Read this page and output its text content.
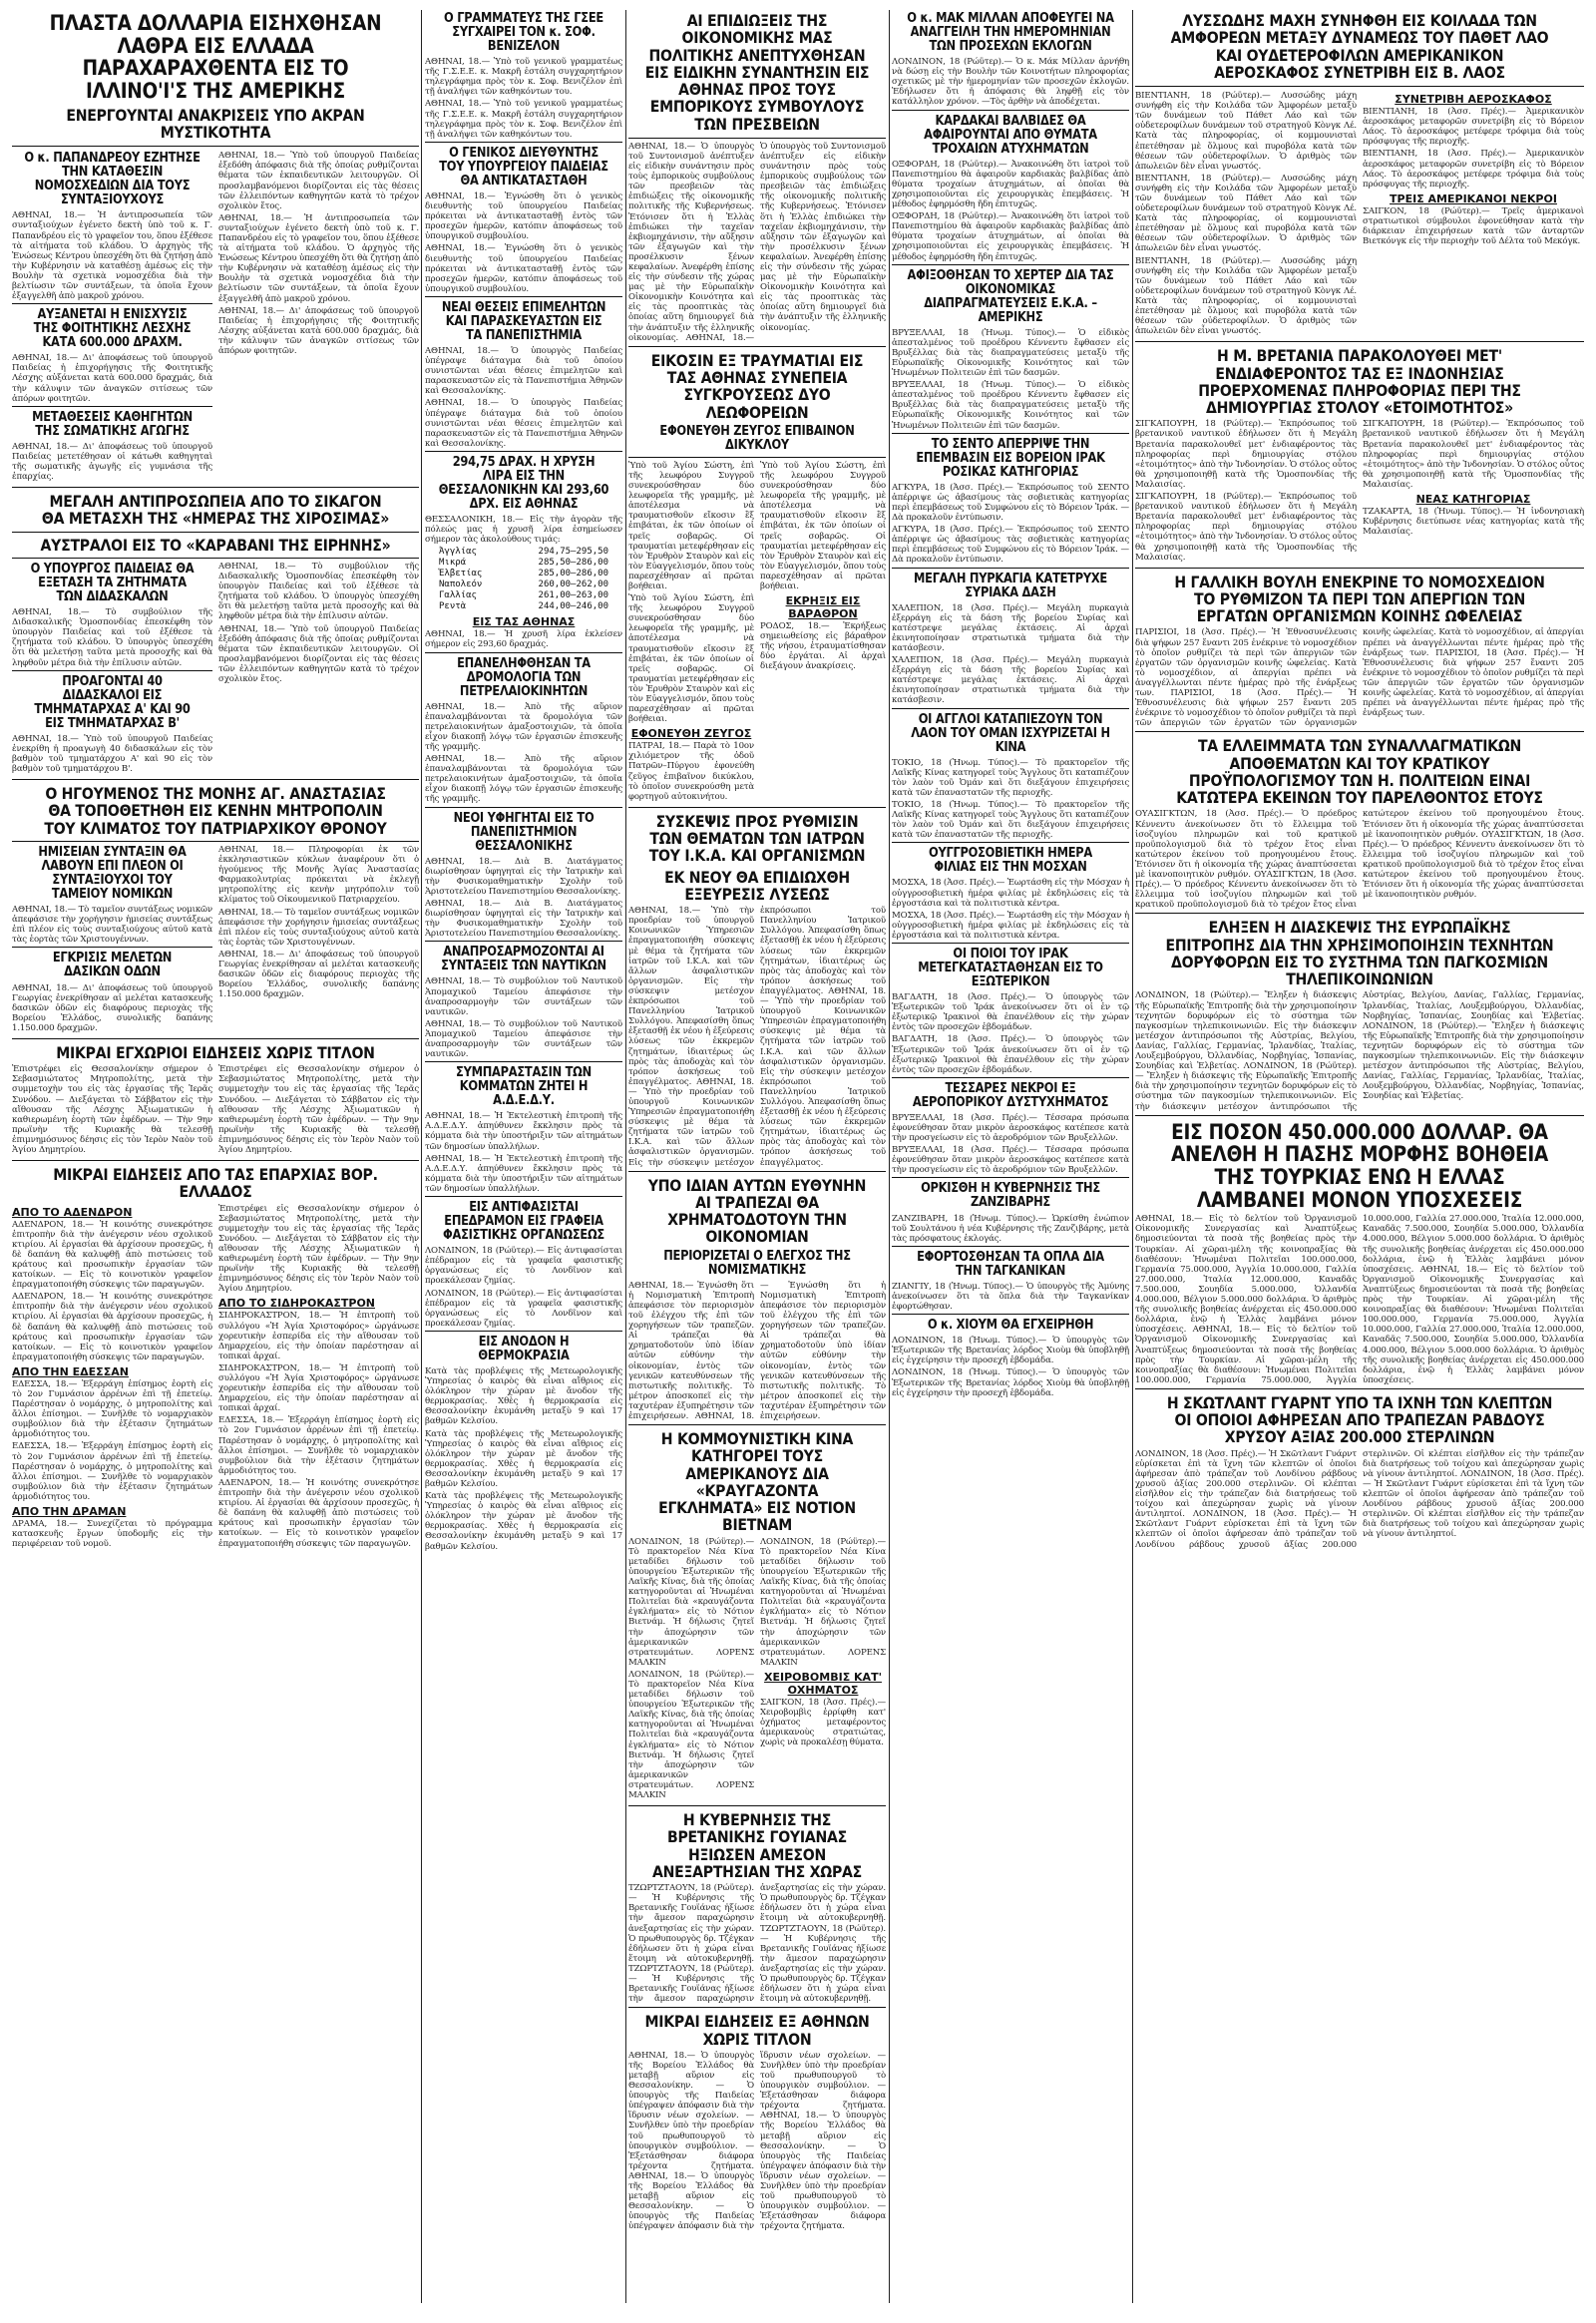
ΠΛΑΣΤΑ ΔΟΛΛΑΡΙΑ ΕΙΣΗΧΘΗΣΑΝ ΛΑΘΡΑ ΕΙΣ ΕΛΛΑΔΑ ΠΑΡΑΧΑΡΑΧΘΕΝΤΑ ΕΙΣ ΤΟ ΙΛΛΙΝΟ'Ι'Σ ΤΗΣ ΑΜΕΡΙΚΗΣ
ΕΝΕΡΓΟΥΝΤΑΙ ΑΝΑΚΡΙΣΕΙΣ ΥΠΟ ΑΚΡΑΝ ΜΥΣΤΙΚΟΤΗΤΑ
Ο κ. ΠΑΠΑΝΔΡΕΟΥ ΕΖΗΤΗΣΕ ΤΗΝ ΚΑΤΑΘΕΣΙΝ ΝΟΜΟΣΧΕΔΙΩΝ ΔΙΑ ΤΟΥΣ ΣΥΝΤΑΞΙΟΥΧΟΥΣ

ΑΘΗΝΑΙ, 18.— Ἡ ἀντιπροσωπεία τῶν συνταξιούχων ἐγένετο δεκτὴ ὑπὸ τοῦ κ. Γ. Παπανδρέου εἰς τὸ γραφεῖον του, ὅπου ἐξέθεσε τὰ αἰτήματα τοῦ κλάδου. Ὁ ἀρχηγὸς τῆς Ἑνώσεως Κέντρου ὑπεσχέθη ὅτι θὰ ζητήσῃ ἀπὸ τὴν Κυβέρνησιν νὰ καταθέσῃ ἀμέσως εἰς τὴν Βουλὴν τὰ σχετικὰ νομοσχέδια διὰ τὴν βελτίωσιν τῶν συντάξεων, τὰ ὁποῖα ἔχουν ἐξαγγελθῆ ἀπὸ μακροῦ χρόνου.

ΑΥΞΑΝΕΤΑΙ Η ΕΝΙΣΧΥΣΙΣ ΤΗΣ ΦΟΙΤΗΤΙΚΗΣ ΛΕΣΧΗΣ ΚΑΤΑ 600.000 ΔΡΑΧΜ.

ΑΘΗΝΑΙ, 18.— Δι' ἀποφάσεως τοῦ ὑπουργοῦ Παιδείας ἡ ἐπιχορήγησις τῆς Φοιτητικῆς Λέσχης αὐξάνεται κατὰ 600.000 δραχμάς, διὰ τὴν κάλυψιν τῶν ἀναγκῶν σιτίσεως τῶν ἀπόρων φοιτητῶν.

ΜΕΤΑΘΕΣΕΙΣ ΚΑΘΗΓΗΤΩΝ ΤΗΣ ΣΩΜΑΤΙΚΗΣ ΑΓΩΓΗΣ

ΑΘΗΝΑΙ, 18.— Δι' ἀποφάσεως τοῦ ὑπουργοῦ Παιδείας μετετέθησαν οἱ κάτωθι καθηγηταὶ τῆς σωματικῆς ἀγωγῆς εἰς γυμνάσια τῆς ἐπαρχίας.

ΑΘΗΝΑΙ, 18.— Ὑπὸ τοῦ ὑπουργοῦ Παιδείας ἐξεδόθη ἀπόφασις διὰ τῆς ὁποίας ρυθμίζονται θέματα τῶν ἐκπαιδευτικῶν λειτουργῶν. Οἱ προσλαμβανόμενοι διορίζονται εἰς τὰς θέσεις τῶν ἐλλειπόντων καθηγητῶν κατὰ τὸ τρέχον σχολικὸν ἔτος.

ΑΘΗΝΑΙ, 18.— Ἡ ἀντιπροσωπεία τῶν συνταξιούχων ἐγένετο δεκτὴ ὑπὸ τοῦ κ. Γ. Παπανδρέου εἰς τὸ γραφεῖον του, ὅπου ἐξέθεσε τὰ αἰτήματα τοῦ κλάδου. Ὁ ἀρχηγὸς τῆς Ἑνώσεως Κέντρου ὑπεσχέθη ὅτι θὰ ζητήσῃ ἀπὸ τὴν Κυβέρνησιν νὰ καταθέσῃ ἀμέσως εἰς τὴν Βουλὴν τὰ σχετικὰ νομοσχέδια διὰ τὴν βελτίωσιν τῶν συντάξεων, τὰ ὁποῖα ἔχουν ἐξαγγελθῆ ἀπὸ μακροῦ χρόνου.

ΑΘΗΝΑΙ, 18.— Δι' ἀποφάσεως τοῦ ὑπουργοῦ Παιδείας ἡ ἐπιχορήγησις τῆς Φοιτητικῆς Λέσχης αὐξάνεται κατὰ 600.000 δραχμάς, διὰ τὴν κάλυψιν τῶν ἀναγκῶν σιτίσεως τῶν ἀπόρων φοιτητῶν.

ΜΕΓΑΛΗ ΑΝΤΙΠΡΟΣΩΠΕΙΑ ΑΠΟ ΤΟ ΣΙΚΑΓΟΝ ΘΑ ΜΕΤΑΣΧΗ ΤΗΣ «ΗΜΕΡΑΣ ΤΗΣ ΧΙΡΟΣΙΜΑΣ»
ΑΥΣΤΡΑΛΟΙ ΕΙΣ ΤΟ «ΚΑΡΑΒΑΝΙ ΤΗΣ ΕΙΡΗΝΗΣ»
Ο ΥΠΟΥΡΓΟΣ ΠΑΙΔΕΙΑΣ ΘΑ ΕΞΕΤΑΣΗ ΤΑ ΖΗΤΗΜΑΤΑ ΤΩΝ ΔΙΔΑΣΚΑΛΩΝ

ΑΘΗΝΑΙ, 18.— Τὸ συμβούλιον τῆς Διδασκαλικῆς Ὁμοσπονδίας ἐπεσκέφθη τὸν ὑπουργὸν Παιδείας καὶ τοῦ ἐξέθεσε τὰ ζητήματα τοῦ κλάδου. Ὁ ὑπουργὸς ὑπεσχέθη ὅτι θὰ μελετήσῃ ταῦτα μετὰ προσοχῆς καὶ θὰ ληφθοῦν μέτρα διὰ τὴν ἐπίλυσιν αὐτῶν.

ΠΡΟΑΓΟΝΤΑΙ 40 ΔΙΔΑΣΚΑΛΟΙ ΕΙΣ ΤΜΗΜΑΤΑΡΧΑΣ Α' ΚΑΙ 90 ΕΙΣ ΤΜΗΜΑΤΑΡΧΑΣ Β'

ΑΘΗΝΑΙ, 18.— Ὑπὸ τοῦ ὑπουργοῦ Παιδείας ἐνεκρίθη ἡ προαγωγὴ 40 διδασκάλων εἰς τὸν βαθμὸν τοῦ τμηματάρχου Α' καὶ 90 εἰς τὸν βαθμὸν τοῦ τμηματάρχου Β'.

ΑΘΗΝΑΙ, 18.— Τὸ συμβούλιον τῆς Διδασκαλικῆς Ὁμοσπονδίας ἐπεσκέφθη τὸν ὑπουργὸν Παιδείας καὶ τοῦ ἐξέθεσε τὰ ζητήματα τοῦ κλάδου. Ὁ ὑπουργὸς ὑπεσχέθη ὅτι θὰ μελετήσῃ ταῦτα μετὰ προσοχῆς καὶ θὰ ληφθοῦν μέτρα διὰ τὴν ἐπίλυσιν αὐτῶν.

ΑΘΗΝΑΙ, 18.— Ὑπὸ τοῦ ὑπουργοῦ Παιδείας ἐξεδόθη ἀπόφασις διὰ τῆς ὁποίας ρυθμίζονται θέματα τῶν ἐκπαιδευτικῶν λειτουργῶν. Οἱ προσλαμβανόμενοι διορίζονται εἰς τὰς θέσεις τῶν ἐλλειπόντων καθηγητῶν κατὰ τὸ τρέχον σχολικὸν ἔτος.

Ο ΗΓΟΥΜΕΝΟΣ ΤΗΣ ΜΟΝΗΣ ΑΓ. ΑΝΑΣΤΑΣΙΑΣ ΘΑ ΤΟΠΟΘΕΤΗΘΗ ΕΙΣ ΚΕΝΗΝ ΜΗΤΡΟΠΟΛΙΝ ΤΟΥ ΚΛΙΜΑΤΟΣ ΤΟΥ ΠΑΤΡΙΑΡΧΙΚΟΥ ΘΡΟΝΟΥ
ΗΜΙΣΕΙΑΝ ΣΥΝΤΑΞΙΝ ΘΑ ΛΑΒΟΥΝ ΕΠΙ ΠΛΕΟΝ ΟΙ ΣΥΝΤΑΞΙΟΥΧΟΙ ΤΟΥ ΤΑΜΕΙΟΥ ΝΟΜΙΚΩΝ

ΑΘΗΝΑΙ, 18.— Τὸ ταμεῖον συντάξεως νομικῶν ἀπεφάσισε τὴν χορήγησιν ἡμισείας συντάξεως ἐπὶ πλέον εἰς τοὺς συνταξιούχους αὐτοῦ κατὰ τὰς ἑορτὰς τῶν Χριστουγέννων.

ΕΓΚΡΙΣΙΣ ΜΕΛΕΤΩΝ ΔΑΣΙΚΩΝ ΟΔΩΝ

ΑΘΗΝΑΙ, 18.— Δι' ἀποφάσεως τοῦ ὑπουργοῦ Γεωργίας ἐνεκρίθησαν αἱ μελέται κατασκευῆς δασικῶν ὁδῶν εἰς διαφόρους περιοχὰς τῆς Βορείου Ἑλλάδος, συνολικῆς δαπάνης 1.150.000 δραχμῶν.

ΑΘΗΝΑΙ, 18.— Πληροφορίαι ἐκ τῶν ἐκκλησιαστικῶν κύκλων ἀναφέρουν ὅτι ὁ ἡγούμενος τῆς Μονῆς Ἁγίας Ἀναστασίας Φαρμακολυτρίας πρόκειται νὰ ἐκλεγῇ μητροπολίτης εἰς κενὴν μητρόπολιν τοῦ κλίματος τοῦ Οἰκουμενικοῦ Πατριαρχείου.

ΑΘΗΝΑΙ, 18.— Τὸ ταμεῖον συντάξεως νομικῶν ἀπεφάσισε τὴν χορήγησιν ἡμισείας συντάξεως ἐπὶ πλέον εἰς τοὺς συνταξιούχους αὐτοῦ κατὰ τὰς ἑορτὰς τῶν Χριστουγέννων.

ΑΘΗΝΑΙ, 18.— Δι' ἀποφάσεως τοῦ ὑπουργοῦ Γεωργίας ἐνεκρίθησαν αἱ μελέται κατασκευῆς δασικῶν ὁδῶν εἰς διαφόρους περιοχὰς τῆς Βορείου Ἑλλάδος, συνολικῆς δαπάνης 1.150.000 δραχμῶν.

ΜΙΚΡΑΙ ΕΓΧΩΡΙΟΙ ΕΙΔΗΣΕΙΣ ΧΩΡΙΣ ΤΙΤΛΟΝ

Ἐπιστρέφει εἰς Θεσσαλονίκην σήμερον ὁ Σεβασμιώτατος Μητροπολίτης, μετὰ τὴν συμμετοχὴν του εἰς τὰς ἐργασίας τῆς Ἱερᾶς Συνόδου. — Διεξάγεται τὸ Σάββατον εἰς τὴν αἴθουσαν τῆς Λέσχης Ἀξιωματικῶν ἡ καθιερωμένη ἑορτὴ τῶν ἐφέδρων. — Τὴν 9ην πρωϊνὴν τῆς Κυριακῆς θὰ τελεσθῇ ἐπιμνημόσυνος δέησις εἰς τὸν Ἱερὸν Ναὸν τοῦ Ἁγίου Δημητρίου.

Ἐπιστρέφει εἰς Θεσσαλονίκην σήμερον ὁ Σεβασμιώτατος Μητροπολίτης, μετὰ τὴν συμμετοχὴν του εἰς τὰς ἐργασίας τῆς Ἱερᾶς Συνόδου. — Διεξάγεται τὸ Σάββατον εἰς τὴν αἴθουσαν τῆς Λέσχης Ἀξιωματικῶν ἡ καθιερωμένη ἑορτὴ τῶν ἐφέδρων. — Τὴν 9ην πρωϊνὴν τῆς Κυριακῆς θὰ τελεσθῇ ἐπιμνημόσυνος δέησις εἰς τὸν Ἱερὸν Ναὸν τοῦ Ἁγίου Δημητρίου.

ΜΙΚΡΑΙ ΕΙΔΗΣΕΙΣ ΑΠΟ ΤΑΣ ΕΠΑΡΧΙΑΣ ΒΟΡ. ΕΛΛΑΔΟΣ
ΑΠΟ ΤΟ ΑΔΕΝΔΡΟΝ

ΑΔΕΝΔΡΟΝ, 18.— Ἡ κοινότης συνεκρότησε ἐπιτροπὴν διὰ τὴν ἀνέγερσιν νέου σχολικοῦ κτιρίου. Αἱ ἐργασίαι θὰ ἀρχίσουν προσεχῶς, ἡ δὲ δαπάνη θὰ καλυφθῇ ἀπὸ πιστώσεις τοῦ κράτους καὶ προσωπικὴν ἐργασίαν τῶν κατοίκων. — Εἰς τὸ κοινοτικὸν γραφεῖον ἐπραγματοποιήθη σύσκεψις τῶν παραγωγῶν.

ΑΔΕΝΔΡΟΝ, 18.— Ἡ κοινότης συνεκρότησε ἐπιτροπὴν διὰ τὴν ἀνέγερσιν νέου σχολικοῦ κτιρίου. Αἱ ἐργασίαι θὰ ἀρχίσουν προσεχῶς, ἡ δὲ δαπάνη θὰ καλυφθῇ ἀπὸ πιστώσεις τοῦ κράτους καὶ προσωπικὴν ἐργασίαν τῶν κατοίκων. — Εἰς τὸ κοινοτικὸν γραφεῖον ἐπραγματοποιήθη σύσκεψις τῶν παραγωγῶν.

ΑΠΟ ΤΗΝ ΕΔΕΣΣΑΝ

ΕΔΕΣΣΑ, 18.— Ἐξερράγη ἐπίσημος ἑορτὴ εἰς τὸ 2ον Γυμνάσιον ἀρρένων ἐπὶ τῇ ἐπετείῳ. Παρέστησαν ὁ νομάρχης, ὁ μητροπολίτης καὶ ἄλλοι ἐπίσημοι. — Συνῆλθε τὸ νομαρχιακὸν συμβούλιον διὰ τὴν ἐξέτασιν ζητημάτων ἀρμοδιότητος του.

ΕΔΕΣΣΑ, 18.— Ἐξερράγη ἐπίσημος ἑορτὴ εἰς τὸ 2ον Γυμνάσιον ἀρρένων ἐπὶ τῇ ἐπετείῳ. Παρέστησαν ὁ νομάρχης, ὁ μητροπολίτης καὶ ἄλλοι ἐπίσημοι. — Συνῆλθε τὸ νομαρχιακὸν συμβούλιον διὰ τὴν ἐξέτασιν ζητημάτων ἀρμοδιότητος του.

ΑΠΟ ΤΗΝ ΔΡΑΜΑΝ

ΔΡΑΜΑ, 18.— Συνεχίζεται τὸ πρόγραμμα κατασκευῆς ἔργων ὑποδομῆς εἰς τὴν περιφέρειαν τοῦ νομοῦ.

Ἐπιστρέφει εἰς Θεσσαλονίκην σήμερον ὁ Σεβασμιώτατος Μητροπολίτης, μετὰ τὴν συμμετοχὴν του εἰς τὰς ἐργασίας τῆς Ἱερᾶς Συνόδου. — Διεξάγεται τὸ Σάββατον εἰς τὴν αἴθουσαν τῆς Λέσχης Ἀξιωματικῶν ἡ καθιερωμένη ἑορτὴ τῶν ἐφέδρων. — Τὴν 9ην πρωϊνὴν τῆς Κυριακῆς θὰ τελεσθῇ ἐπιμνημόσυνος δέησις εἰς τὸν Ἱερὸν Ναὸν τοῦ Ἁγίου Δημητρίου.

ΑΠΟ ΤΟ ΣΙΔΗΡΟΚΑΣΤΡΟΝ

ΣΙΔΗΡΟΚΑΣΤΡΟΝ, 18.— Ἡ ἐπιτροπὴ τοῦ συλλόγου «Ἡ Ἁγία Χριστοφόρος» ὠργάνωσε χορευτικὴν ἑσπερίδα εἰς τὴν αἴθουσαν τοῦ Δημαρχείου, εἰς τὴν ὁποίαν παρέστησαν αἱ τοπικαὶ ἀρχαί.

ΣΙΔΗΡΟΚΑΣΤΡΟΝ, 18.— Ἡ ἐπιτροπὴ τοῦ συλλόγου «Ἡ Ἁγία Χριστοφόρος» ὠργάνωσε χορευτικὴν ἑσπερίδα εἰς τὴν αἴθουσαν τοῦ Δημαρχείου, εἰς τὴν ὁποίαν παρέστησαν αἱ τοπικαὶ ἀρχαί.

ΕΔΕΣΣΑ, 18.— Ἐξερράγη ἐπίσημος ἑορτὴ εἰς τὸ 2ον Γυμνάσιον ἀρρένων ἐπὶ τῇ ἐπετείῳ. Παρέστησαν ὁ νομάρχης, ὁ μητροπολίτης καὶ ἄλλοι ἐπίσημοι. — Συνῆλθε τὸ νομαρχιακὸν συμβούλιον διὰ τὴν ἐξέτασιν ζητημάτων ἀρμοδιότητος του.

ΑΔΕΝΔΡΟΝ, 18.— Ἡ κοινότης συνεκρότησε ἐπιτροπὴν διὰ τὴν ἀνέγερσιν νέου σχολικοῦ κτιρίου. Αἱ ἐργασίαι θὰ ἀρχίσουν προσεχῶς, ἡ δὲ δαπάνη θὰ καλυφθῇ ἀπὸ πιστώσεις τοῦ κράτους καὶ προσωπικὴν ἐργασίαν τῶν κατοίκων. — Εἰς τὸ κοινοτικὸν γραφεῖον ἐπραγματοποιήθη σύσκεψις τῶν παραγωγῶν.

Ο ΓΡΑΜΜΑΤΕΥΣ ΤΗΣ ΓΣΕΕ ΣΥΓΧΑΙΡΕΙ ΤΟΝ κ. ΣΟΦ. ΒΕΝΙΖΕΛΟΝ

ΑΘΗΝΑΙ, 18.— Ὑπὸ τοῦ γενικοῦ γραμματέως τῆς Γ.Σ.Ε.Ε. κ. Μακρῆ ἐστάλη συγχαρητήριον τηλεγράφημα πρὸς τὸν κ. Σοφ. Βενιζέλον ἐπὶ τῇ ἀναλήψει τῶν καθηκόντων του.

ΑΘΗΝΑΙ, 18.— Ὑπὸ τοῦ γενικοῦ γραμματέως τῆς Γ.Σ.Ε.Ε. κ. Μακρῆ ἐστάλη συγχαρητήριον τηλεγράφημα πρὸς τὸν κ. Σοφ. Βενιζέλον ἐπὶ τῇ ἀναλήψει τῶν καθηκόντων του.

Ο ΓΕΝΙΚΟΣ ΔΙΕΥΘΥΝΤΗΣ ΤΟΥ ΥΠΟΥΡΓΕΙΟΥ ΠΑΙΔΕΙΑΣ ΘΑ ΑΝΤΙΚΑΤΑΣΤΑΘΗ

ΑΘΗΝΑΙ, 18.— Ἐγνώσθη ὅτι ὁ γενικὸς διευθυντὴς τοῦ ὑπουργείου Παιδείας πρόκειται νὰ ἀντικατασταθῇ ἐντὸς τῶν προσεχῶν ἡμερῶν, κατόπιν ἀποφάσεως τοῦ ὑπουργικοῦ συμβουλίου.

ΑΘΗΝΑΙ, 18.— Ἐγνώσθη ὅτι ὁ γενικὸς διευθυντὴς τοῦ ὑπουργείου Παιδείας πρόκειται νὰ ἀντικατασταθῇ ἐντὸς τῶν προσεχῶν ἡμερῶν, κατόπιν ἀποφάσεως τοῦ ὑπουργικοῦ συμβουλίου.

ΝΕΑΙ ΘΕΣΕΙΣ ΕΠΙΜΕΛΗΤΩΝ ΚΑΙ ΠΑΡΑΣΚΕΥΑΣΤΩΝ ΕΙΣ ΤΑ ΠΑΝΕΠΙΣΤΗΜΙΑ

ΑΘΗΝΑΙ, 18.— Ὁ ὑπουργὸς Παιδείας ὑπέγραψε διάταγμα διὰ τοῦ ὁποίου συνιστῶνται νέαι θέσεις ἐπιμελητῶν καὶ παρασκευαστῶν εἰς τὰ Πανεπιστήμια Ἀθηνῶν καὶ Θεσσαλονίκης.

ΑΘΗΝΑΙ, 18.— Ὁ ὑπουργὸς Παιδείας ὑπέγραψε διάταγμα διὰ τοῦ ὁποίου συνιστῶνται νέαι θέσεις ἐπιμελητῶν καὶ παρασκευαστῶν εἰς τὰ Πανεπιστήμια Ἀθηνῶν καὶ Θεσσαλονίκης.

294,75 ΔΡΑΧ. Η ΧΡΥΣΗ ΛΙΡΑ ΕΙΣ ΤΗΝ ΘΕΣΣΑΛΟΝΙΚΗΝ ΚΑΙ 293,60 ΔΡΧ. ΕΙΣ ΑΘΗΝΑΣ

ΘΕΣΣΑΛΟΝΙΚΗ, 18.— Εἰς τὴν ἀγορὰν τῆς πόλεώς μας ἡ χρυσῆ λίρα ἐσημείωσεν σήμερον τὰς ἀκολούθους τιμάς:

Ἀγγλίας	294,75—295,50
Μικρά	285,50—286,00
Ἑλβετίας	285,00—286,00
Ναπολεόν	260,00—262,00
Γαλλίας	261,00—263,00
Ρεντὰ	244,00—246,00
ΕΙΣ ΤΑΣ ΑΘΗΝΑΣ

ΑΘΗΝΑΙ, 18.— Ἡ χρυσῆ λίρα ἐκλείσεν σήμερον εἰς 293,60 δραχμάς.

ΕΠΑΝΕΛΗΦΘΗΣΑΝ ΤΑ ΔΡΟΜΟΛΟΓΙΑ ΤΩΝ ΠΕΤΡΕΛΑΙΟΚΙΝΗΤΩΝ

ΑΘΗΝΑΙ, 18.— Ἀπὸ τῆς αὔριον ἐπαναλαμβάνονται τὰ δρομολόγια τῶν πετρελαιοκινήτων ἁμαξοστοιχιῶν, τὰ ὁποῖα εἶχον διακοπῇ λόγῳ τῶν ἐργασιῶν ἐπισκευῆς τῆς γραμμῆς.

ΑΘΗΝΑΙ, 18.— Ἀπὸ τῆς αὔριον ἐπαναλαμβάνονται τὰ δρομολόγια τῶν πετρελαιοκινήτων ἁμαξοστοιχιῶν, τὰ ὁποῖα εἶχον διακοπῇ λόγῳ τῶν ἐργασιῶν ἐπισκευῆς τῆς γραμμῆς.

ΝΕΟΙ ΥΦΗΓΗΤΑΙ ΕΙΣ ΤΟ ΠΑΝΕΠΙΣΤΗΜΙΟΝ ΘΕΣΣΑΛΟΝΙΚΗΣ

ΑΘΗΝΑΙ, 18.— Διὰ Β. Διατάγματος διωρίσθησαν ὑφηγηταὶ εἰς τὴν Ἰατρικὴν καὶ τὴν Φυσικομαθηματικὴν Σχολὴν τοῦ Ἀριστοτελείου Πανεπιστημίου Θεσσαλονίκης.

ΑΘΗΝΑΙ, 18.— Διὰ Β. Διατάγματος διωρίσθησαν ὑφηγηταὶ εἰς τὴν Ἰατρικὴν καὶ τὴν Φυσικομαθηματικὴν Σχολὴν τοῦ Ἀριστοτελείου Πανεπιστημίου Θεσσαλονίκης.

ΑΝΑΠΡΟΣΑΡΜΟΖΟΝΤΑΙ ΑΙ ΣΥΝΤΑΞΕΙΣ ΤΩΝ ΝΑΥΤΙΚΩΝ

ΑΘΗΝΑΙ, 18.— Τὸ συμβούλιον τοῦ Ναυτικοῦ Ἀπομαχικοῦ Ταμείου ἀπεφάσισε τὴν ἀναπροσαρμογὴν τῶν συντάξεων τῶν ναυτικῶν.

ΑΘΗΝΑΙ, 18.— Τὸ συμβούλιον τοῦ Ναυτικοῦ Ἀπομαχικοῦ Ταμείου ἀπεφάσισε τὴν ἀναπροσαρμογὴν τῶν συντάξεων τῶν ναυτικῶν.

ΣΥΜΠΑΡΑΣΤΑΣΙΝ ΤΩΝ ΚΟΜΜΑΤΩΝ ΖΗΤΕΙ Η Α.Δ.Ε.Δ.Υ.

ΑΘΗΝΑΙ, 18.— Ἡ Ἐκτελεστικὴ ἐπιτροπὴ τῆς Α.Δ.Ε.Δ.Υ. ἀπηύθυνεν ἔκκλησιν πρὸς τὰ κόμματα διὰ τὴν ὑποστήριξιν τῶν αἰτημάτων τῶν δημοσίων ὑπαλλήλων.

ΑΘΗΝΑΙ, 18.— Ἡ Ἐκτελεστικὴ ἐπιτροπὴ τῆς Α.Δ.Ε.Δ.Υ. ἀπηύθυνεν ἔκκλησιν πρὸς τὰ κόμματα διὰ τὴν ὑποστήριξιν τῶν αἰτημάτων τῶν δημοσίων ὑπαλλήλων.

ΕΙΣ ΑΝΤΙΦΑΣΙΣΤΑΙ ΕΠΕΔΡΑΜΟΝ ΕΙΣ ΓΡΑΦΕΙΑ ΦΑΣΙΣΤΙΚΗΣ ΟΡΓΑΝΩΣΕΩΣ

ΛΟΝΔΙΝΟΝ, 18 (Ρώϋτερ).— Εἰς ἀντιφασίσται ἐπέδραμον εἰς τὰ γραφεῖα φασιστικῆς ὀργανώσεως εἰς τὸ Λονδῖνον καὶ προεκάλεσαν ζημίας.

ΛΟΝΔΙΝΟΝ, 18 (Ρώϋτερ).— Εἰς ἀντιφασίσται ἐπέδραμον εἰς τὰ γραφεῖα φασιστικῆς ὀργανώσεως εἰς τὸ Λονδῖνον καὶ προεκάλεσαν ζημίας.

ΕΙΣ ΑΝΟΔΟΝ Η ΘΕΡΜΟΚΡΑΣΙΑ

Κατὰ τὰς προβλέψεις τῆς Μετεωρολογικῆς Ὑπηρεσίας ὁ καιρὸς θὰ εἶναι αἴθριος εἰς ὁλόκληρον τὴν χώραν μὲ ἄνοδον τῆς θερμοκρασίας. Χθὲς ἡ θερμοκρασία εἰς Θεσσαλονίκην ἐκυμάνθη μεταξὺ 9 καὶ 17 βαθμῶν Κελσίου.

Κατὰ τὰς προβλέψεις τῆς Μετεωρολογικῆς Ὑπηρεσίας ὁ καιρὸς θὰ εἶναι αἴθριος εἰς ὁλόκληρον τὴν χώραν μὲ ἄνοδον τῆς θερμοκρασίας. Χθὲς ἡ θερμοκρασία εἰς Θεσσαλονίκην ἐκυμάνθη μεταξὺ 9 καὶ 17 βαθμῶν Κελσίου.

Κατὰ τὰς προβλέψεις τῆς Μετεωρολογικῆς Ὑπηρεσίας ὁ καιρὸς θὰ εἶναι αἴθριος εἰς ὁλόκληρον τὴν χώραν μὲ ἄνοδον τῆς θερμοκρασίας. Χθὲς ἡ θερμοκρασία εἰς Θεσσαλονίκην ἐκυμάνθη μεταξὺ 9 καὶ 17 βαθμῶν Κελσίου.

ΑΙ ΕΠΙΔΙΩΞΕΙΣ ΤΗΣ ΟΙΚΟΝΟΜΙΚΗΣ ΜΑΣ ΠΟΛΙΤΙΚΗΣ ΑΝΕΠΤΥΧΘΗΣΑΝ ΕΙΣ ΕΙΔΙΚΗΝ ΣΥΝΑΝΤΗΣΙΝ ΕΙΣ ΑΘΗΝΑΣ ΠΡΟΣ ΤΟΥΣ ΕΜΠΟΡΙΚΟΥΣ ΣΥΜΒΟΥΛΟΥΣ ΤΩΝ ΠΡΕΣΒΕΙΩΝ
ΑΘΗΝΑΙ, 18.— Ὁ ὑπουργὸς τοῦ Συντονισμοῦ ἀνέπτυξεν εἰς εἰδικὴν συνάντησιν πρὸς τοὺς ἐμπορικοὺς συμβούλους τῶν πρεσβειῶν τὰς ἐπιδιώξεις τῆς οἰκονομικῆς πολιτικῆς τῆς Κυβερνήσεως. Ἐτόνισεν ὅτι ἡ Ἑλλὰς ἐπιδιώκει τὴν ταχεῖαν ἐκβιομηχάνισιν, τὴν αὔξησιν τῶν ἐξαγωγῶν καὶ τὴν προσέλκυσιν ξένων κεφαλαίων. Ἀνεφέρθη ἐπίσης εἰς τὴν σύνδεσιν τῆς χώρας μας μὲ τὴν Εὐρωπαϊκὴν Οἰκονομικὴν Κοινότητα καὶ εἰς τὰς προοπτικὰς τὰς ὁποίας αὕτη δημιουργεῖ διὰ τὴν ἀνάπτυξιν τῆς ἑλληνικῆς οἰκονομίας. ΑΘΗΝΑΙ, 18.— Ὁ ὑπουργὸς τοῦ Συντονισμοῦ ἀνέπτυξεν εἰς εἰδικὴν συνάντησιν πρὸς τοὺς ἐμπορικοὺς συμβούλους τῶν πρεσβειῶν τὰς ἐπιδιώξεις τῆς οἰκονομικῆς πολιτικῆς τῆς Κυβερνήσεως. Ἐτόνισεν ὅτι ἡ Ἑλλὰς ἐπιδιώκει τὴν ταχεῖαν ἐκβιομηχάνισιν, τὴν αὔξησιν τῶν ἐξαγωγῶν καὶ τὴν προσέλκυσιν ξένων κεφαλαίων. Ἀνεφέρθη ἐπίσης εἰς τὴν σύνδεσιν τῆς χώρας μας μὲ τὴν Εὐρωπαϊκὴν Οἰκονομικὴν Κοινότητα καὶ εἰς τὰς προοπτικὰς τὰς ὁποίας αὕτη δημιουργεῖ διὰ τὴν ἀνάπτυξιν τῆς ἑλληνικῆς οἰκονομίας.
ΕΙΚΟΣΙΝ ΕΞ ΤΡΑΥΜΑΤΙΑΙ ΕΙΣ ΤΑΣ ΑΘΗΝΑΣ ΣΥΝΕΠΕΙΑ ΣΥΓΚΡΟΥΣΕΩΣ ΔΥΟ ΛΕΩΦΟΡΕΙΩΝ
ΕΦΟΝΕΥΘΗ ΖΕΥΓΟΣ ΕΠΙΒΑΙΝΟΝ ΔΙΚΥΚΛΟΥ

Ὑπὸ τοῦ Ἀγίου Σώστη, ἐπὶ τῆς λεωφόρου Συγγροῦ συνεκρούσθησαν δύο λεωφορεῖα τῆς γραμμῆς, μὲ ἀποτέλεσμα νὰ τραυματισθοῦν εἴκοσιν ἓξ ἐπιβάται, ἐκ τῶν ὁποίων οἱ τρεῖς σοβαρῶς. Οἱ τραυματίαι μετεφέρθησαν εἰς τὸν Ἐρυθρὸν Σταυρὸν καὶ εἰς τὸν Εὐαγγελισμόν, ὅπου τοὺς παρεσχέθησαν αἱ πρῶται βοήθειαι.

Ὑπὸ τοῦ Ἀγίου Σώστη, ἐπὶ τῆς λεωφόρου Συγγροῦ συνεκρούσθησαν δύο λεωφορεῖα τῆς γραμμῆς, μὲ ἀποτέλεσμα νὰ τραυματισθοῦν εἴκοσιν ἓξ ἐπιβάται, ἐκ τῶν ὁποίων οἱ τρεῖς σοβαρῶς. Οἱ τραυματίαι μετεφέρθησαν εἰς τὸν Ἐρυθρὸν Σταυρὸν καὶ εἰς τὸν Εὐαγγελισμόν, ὅπου τοὺς παρεσχέθησαν αἱ πρῶται βοήθειαι.

ΕΦΟΝΕΥΘΗ ΖΕΥΓΟΣ

ΠΑΤΡΑΙ, 18.— Παρὰ τὸ 10ον χιλιόμετρον τῆς ὁδοῦ Πατρῶν–Πύργου ἐφονεύθη ζεῦγος ἐπιβαῖνον δικύκλου, τὸ ὁποῖον συνεκρούσθη μετὰ φορτηγοῦ αὐτοκινήτου.

Ὑπὸ τοῦ Ἀγίου Σώστη, ἐπὶ τῆς λεωφόρου Συγγροῦ συνεκρούσθησαν δύο λεωφορεῖα τῆς γραμμῆς, μὲ ἀποτέλεσμα νὰ τραυματισθοῦν εἴκοσιν ἓξ ἐπιβάται, ἐκ τῶν ὁποίων οἱ τρεῖς σοβαρῶς. Οἱ τραυματίαι μετεφέρθησαν εἰς τὸν Ἐρυθρὸν Σταυρὸν καὶ εἰς τὸν Εὐαγγελισμόν, ὅπου τοὺς παρεσχέθησαν αἱ πρῶται βοήθειαι.

ΕΚΡΗΞΙΣ ΕΙΣ ΒΑΡΑΘΡΟΝ

ΡΟΔΟΣ, 18.— Ἐκρήξεως σημειωθείσης εἰς βάραθρον τῆς νήσου, ἐτραυματίσθησαν δύο ἐργάται. Αἱ ἀρχαὶ διεξάγουν ἀνακρίσεις.

ΣΥΣΚΕΨΙΣ ΠΡΟΣ ΡΥΘΜΙΣΙΝ ΤΩΝ ΘΕΜΑΤΩΝ ΤΩΝ ΙΑΤΡΩΝ ΤΟΥ Ι.Κ.Α. ΚΑΙ ΟΡΓΑΝΙΣΜΩΝ
ΕΚ ΝΕΟΥ ΘΑ ΕΠΙΔΙΩΧΘΗ ΕΞΕΥΡΕΣΙΣ ΛΥΣΕΩΣ
ΑΘΗΝΑΙ, 18.— Ὑπὸ τὴν προεδρίαν τοῦ ὑπουργοῦ Κοινωνικῶν Ὑπηρεσιῶν ἐπραγματοποιήθη σύσκεψις μὲ θέμα τὰ ζητήματα τῶν ἰατρῶν τοῦ Ι.Κ.Α. καὶ τῶν ἄλλων ἀσφαλιστικῶν ὀργανισμῶν. Εἰς τὴν σύσκεψιν μετέσχον ἐκπρόσωποι τοῦ Πανελληνίου Ἰατρικοῦ Συλλόγου. Ἀπεφασίσθη ὅπως ἐξετασθῇ ἐκ νέου ἡ ἐξεύρεσις λύσεως τῶν ἐκκρεμῶν ζητημάτων, ἰδιαιτέρως ὡς πρὸς τὰς ἀποδοχὰς καὶ τὸν τρόπον ἀσκήσεως τοῦ ἐπαγγέλματος. ΑΘΗΝΑΙ, 18.— Ὑπὸ τὴν προεδρίαν τοῦ ὑπουργοῦ Κοινωνικῶν Ὑπηρεσιῶν ἐπραγματοποιήθη σύσκεψις μὲ θέμα τὰ ζητήματα τῶν ἰατρῶν τοῦ Ι.Κ.Α. καὶ τῶν ἄλλων ἀσφαλιστικῶν ὀργανισμῶν. Εἰς τὴν σύσκεψιν μετέσχον ἐκπρόσωποι τοῦ Πανελληνίου Ἰατρικοῦ Συλλόγου. Ἀπεφασίσθη ὅπως ἐξετασθῇ ἐκ νέου ἡ ἐξεύρεσις λύσεως τῶν ἐκκρεμῶν ζητημάτων, ἰδιαιτέρως ὡς πρὸς τὰς ἀποδοχὰς καὶ τὸν τρόπον ἀσκήσεως τοῦ ἐπαγγέλματος. ΑΘΗΝΑΙ, 18.— Ὑπὸ τὴν προεδρίαν τοῦ ὑπουργοῦ Κοινωνικῶν Ὑπηρεσιῶν ἐπραγματοποιήθη σύσκεψις μὲ θέμα τὰ ζητήματα τῶν ἰατρῶν τοῦ Ι.Κ.Α. καὶ τῶν ἄλλων ἀσφαλιστικῶν ὀργανισμῶν. Εἰς τὴν σύσκεψιν μετέσχον ἐκπρόσωποι τοῦ Πανελληνίου Ἰατρικοῦ Συλλόγου. Ἀπεφασίσθη ὅπως ἐξετασθῇ ἐκ νέου ἡ ἐξεύρεσις λύσεως τῶν ἐκκρεμῶν ζητημάτων, ἰδιαιτέρως ὡς πρὸς τὰς ἀποδοχὰς καὶ τὸν τρόπον ἀσκήσεως τοῦ ἐπαγγέλματος.
ΥΠΟ ΙΔΙΑΝ ΑΥΤΩΝ ΕΥΘΥΝΗΝ ΑΙ ΤΡΑΠΕΖΑΙ ΘΑ ΧΡΗΜΑΤΟΔΟΤΟΥΝ ΤΗΝ ΟΙΚΟΝΟΜΙΑΝ
ΠΕΡΙΟΡΙΖΕΤΑΙ Ο ΕΛΕΓΧΟΣ ΤΗΣ ΝΟΜΙΣΜΑΤΙΚΗΣ
ΑΘΗΝΑΙ, 18.— Ἐγνώσθη ὅτι ἡ Νομισματικὴ Ἐπιτροπὴ ἀπεφάσισε τὸν περιορισμὸν τοῦ ἐλέγχου τῆς ἐπὶ τῶν χορηγήσεων τῶν τραπεζῶν. Αἱ τράπεζαι θὰ χρηματοδοτοῦν ὑπὸ ἰδίαν αὐτῶν εὐθύνην τὴν οἰκονομίαν, ἐντὸς τῶν γενικῶν κατευθύνσεων τῆς πιστωτικῆς πολιτικῆς. Τὸ μέτρον ἀποσκοπεῖ εἰς τὴν ταχυτέραν ἐξυπηρέτησιν τῶν ἐπιχειρήσεων. ΑΘΗΝΑΙ, 18.— Ἐγνώσθη ὅτι ἡ Νομισματικὴ Ἐπιτροπὴ ἀπεφάσισε τὸν περιορισμὸν τοῦ ἐλέγχου τῆς ἐπὶ τῶν χορηγήσεων τῶν τραπεζῶν. Αἱ τράπεζαι θὰ χρηματοδοτοῦν ὑπὸ ἰδίαν αὐτῶν εὐθύνην τὴν οἰκονομίαν, ἐντὸς τῶν γενικῶν κατευθύνσεων τῆς πιστωτικῆς πολιτικῆς. Τὸ μέτρον ἀποσκοπεῖ εἰς τὴν ταχυτέραν ἐξυπηρέτησιν τῶν ἐπιχειρήσεων.
Η ΚΟΜΜΟΥΝΙΣΤΙΚΗ ΚΙΝΑ ΚΑΤΗΓΟΡΕΙ ΤΟΥΣ ΑΜΕΡΙΚΑΝΟΥΣ ΔΙΑ «ΚΡΑΥΓΑΖΟΝΤΑ ΕΓΚΛΗΜΑΤΑ» ΕΙΣ ΝΟΤΙΟΝ ΒΙΕΤΝΑΜ

ΛΟΝΔΙΝΟΝ, 18 (Ρώϋτερ).— Τὸ πρακτορεῖον Νέα Κίνα μεταδίδει δήλωσιν τοῦ ὑπουργείου Ἐξωτερικῶν τῆς Λαϊκῆς Κίνας, διὰ τῆς ὁποίας κατηγοροῦνται αἱ Ἡνωμέναι Πολιτεῖαι διὰ «κραυγάζοντα ἐγκλήματα» εἰς τὸ Νότιον Βιετνάμ. Ἡ δήλωσις ζητεῖ τὴν ἀποχώρησιν τῶν ἀμερικανικῶν στρατευμάτων. ΛΟΡΕΝΣ ΜΑΛΚΙΝ

ΛΟΝΔΙΝΟΝ, 18 (Ρώϋτερ).— Τὸ πρακτορεῖον Νέα Κίνα μεταδίδει δήλωσιν τοῦ ὑπουργείου Ἐξωτερικῶν τῆς Λαϊκῆς Κίνας, διὰ τῆς ὁποίας κατηγοροῦνται αἱ Ἡνωμέναι Πολιτεῖαι διὰ «κραυγάζοντα ἐγκλήματα» εἰς τὸ Νότιον Βιετνάμ. Ἡ δήλωσις ζητεῖ τὴν ἀποχώρησιν τῶν ἀμερικανικῶν στρατευμάτων. ΛΟΡΕΝΣ ΜΑΛΚΙΝ

ΛΟΝΔΙΝΟΝ, 18 (Ρώϋτερ).— Τὸ πρακτορεῖον Νέα Κίνα μεταδίδει δήλωσιν τοῦ ὑπουργείου Ἐξωτερικῶν τῆς Λαϊκῆς Κίνας, διὰ τῆς ὁποίας κατηγοροῦνται αἱ Ἡνωμέναι Πολιτεῖαι διὰ «κραυγάζοντα ἐγκλήματα» εἰς τὸ Νότιον Βιετνάμ. Ἡ δήλωσις ζητεῖ τὴν ἀποχώρησιν τῶν ἀμερικανικῶν στρατευμάτων. ΛΟΡΕΝΣ ΜΑΛΚΙΝ

ΧΕΙΡΟΒΟΜΒΙΣ ΚΑΤ' ΟΧΗΜΑΤΟΣ

ΣΑΙΓΚΟΝ, 18 (Ἀσσ. Πρές).— Χειροβομβὶς ἐρρίφθη κατ' ὀχήματος μεταφέροντος ἀμερικανοὺς στρατιώτας, χωρὶς νὰ προκαλέσῃ θύματα.

Η ΚΥΒΕΡΝΗΣΙΣ ΤΗΣ ΒΡΕΤΑΝΙΚΗΣ ΓΟΥΙΑΝΑΣ ΗΞΙΩΣΕΝ ΑΜΕΣΟΝ ΑΝΕΞΑΡΤΗΣΙΑΝ ΤΗΣ ΧΩΡΑΣ
ΤΖΩΡΤΖΤΑΟΥΝ, 18 (Ρώϋτερ).— Ἡ Κυβέρνησις τῆς Βρετανικῆς Γουϊάνας ἠξίωσε τὴν ἄμεσον παραχώρησιν ἀνεξαρτησίας εἰς τὴν χώραν. Ὁ πρωθυπουργὸς δρ. Τζέγκαν ἐδήλωσεν ὅτι ἡ χώρα εἶναι ἕτοιμη νὰ αὐτοκυβερνηθῇ. ΤΖΩΡΤΖΤΑΟΥΝ, 18 (Ρώϋτερ).— Ἡ Κυβέρνησις τῆς Βρετανικῆς Γουϊάνας ἠξίωσε τὴν ἄμεσον παραχώρησιν ἀνεξαρτησίας εἰς τὴν χώραν. Ὁ πρωθυπουργὸς δρ. Τζέγκαν ἐδήλωσεν ὅτι ἡ χώρα εἶναι ἕτοιμη νὰ αὐτοκυβερνηθῇ. ΤΖΩΡΤΖΤΑΟΥΝ, 18 (Ρώϋτερ).— Ἡ Κυβέρνησις τῆς Βρετανικῆς Γουϊάνας ἠξίωσε τὴν ἄμεσον παραχώρησιν ἀνεξαρτησίας εἰς τὴν χώραν. Ὁ πρωθυπουργὸς δρ. Τζέγκαν ἐδήλωσεν ὅτι ἡ χώρα εἶναι ἕτοιμη νὰ αὐτοκυβερνηθῇ.
ΜΙΚΡΑΙ ΕΙΔΗΣΕΙΣ ΕΞ ΑΘΗΝΩΝ ΧΩΡΙΣ ΤΙΤΛΟΝ
ΑΘΗΝΑΙ, 18.— Ὁ ὑπουργὸς τῆς Βορείου Ἑλλάδος θὰ μεταβῇ αὔριον εἰς Θεσσαλονίκην. — Ὁ ὑπουργὸς τῆς Παιδείας ὑπέγραψεν ἀπόφασιν διὰ τὴν ἵδρυσιν νέων σχολείων. — Συνῆλθεν ὑπὸ τὴν προεδρίαν τοῦ πρωθυπουργοῦ τὸ ὑπουργικὸν συμβούλιον. — Ἐξετάσθησαν διάφορα τρέχοντα ζητήματα. ΑΘΗΝΑΙ, 18.— Ὁ ὑπουργὸς τῆς Βορείου Ἑλλάδος θὰ μεταβῇ αὔριον εἰς Θεσσαλονίκην. — Ὁ ὑπουργὸς τῆς Παιδείας ὑπέγραψεν ἀπόφασιν διὰ τὴν ἵδρυσιν νέων σχολείων. — Συνῆλθεν ὑπὸ τὴν προεδρίαν τοῦ πρωθυπουργοῦ τὸ ὑπουργικὸν συμβούλιον. — Ἐξετάσθησαν διάφορα τρέχοντα ζητήματα. ΑΘΗΝΑΙ, 18.— Ὁ ὑπουργὸς τῆς Βορείου Ἑλλάδος θὰ μεταβῇ αὔριον εἰς Θεσσαλονίκην. — Ὁ ὑπουργὸς τῆς Παιδείας ὑπέγραψεν ἀπόφασιν διὰ τὴν ἵδρυσιν νέων σχολείων. — Συνῆλθεν ὑπὸ τὴν προεδρίαν τοῦ πρωθυπουργοῦ τὸ ὑπουργικὸν συμβούλιον. — Ἐξετάσθησαν διάφορα τρέχοντα ζητήματα.
Ο κ. ΜΑΚ ΜΙΛΛΑΝ ΑΠΟΦΕΥΓΕΙ ΝΑ ΑΝΑΓΓΕΙΛΗ ΤΗΝ ΗΜΕΡΟΜΗΝΙΑΝ ΤΩΝ ΠΡΟΣΕΧΩΝ ΕΚΛΟΓΩΝ

ΛΟΝΔΙΝΟΝ, 18 (Ρώϋτερ).— Ὁ κ. Μάκ Μίλλαν ἀρνήθη νὰ δώσῃ εἰς τὴν Βουλὴν τῶν Κοινοτήτων πληροφορίας σχετικῶς μὲ τὴν ἡμερομηνίαν τῶν προσεχῶν ἐκλογῶν. Ἐδήλωσεν ὅτι ἡ ἀπόφασις θὰ ληφθῇ εἰς τὸν κατάλληλον χρόνον. —Τὸς ἀρθὴν νὰ ἀποδέχεται.

ΚΑΡΔΑΚΑΙ ΒΑΛΒΙΔΕΣ ΘΑ ΑΦΑΙΡΟΥΝΤΑΙ ΑΠΟ ΘΥΜΑΤΑ ΤΡΟΧΑΙΩΝ ΑΤΥΧΗΜΑΤΩΝ

ΟΞΦΟΡΔΗ, 18 (Ρώϋτερ).— Ἀνακοινώθη ὅτι ἰατροὶ τοῦ Πανεπιστημίου θὰ ἀφαιροῦν καρδιακὰς βαλβίδας ἀπὸ θύματα τροχαίων ἀτυχημάτων, αἱ ὁποῖαι θὰ χρησιμοποιοῦνται εἰς χειρουργικὰς ἐπεμβάσεις. Ἡ μέθοδος ἐφηρμόσθη ἤδη ἐπιτυχῶς.

ΟΞΦΟΡΔΗ, 18 (Ρώϋτερ).— Ἀνακοινώθη ὅτι ἰατροὶ τοῦ Πανεπιστημίου θὰ ἀφαιροῦν καρδιακὰς βαλβίδας ἀπὸ θύματα τροχαίων ἀτυχημάτων, αἱ ὁποῖαι θὰ χρησιμοποιοῦνται εἰς χειρουργικὰς ἐπεμβάσεις. Ἡ μέθοδος ἐφηρμόσθη ἤδη ἐπιτυχῶς.

ΑΦΙΞΟΘΗΣΑΝ ΤΟ ΧΕΡΤΕΡ ΔΙΑ ΤΑΣ ΟΙΚΟΝΟΜΙΚΑΣ ΔΙΑΠΡΑΓΜΑΤΕΥΣΕΙΣ Ε.Κ.Α. – ΑΜΕΡΙΚΗΣ

ΒΡΥΞΕΛΛΑΙ, 18 (Ἡνωμ. Τύπος).— Ὁ εἰδικὸς ἀπεσταλμένος τοῦ προέδρου Κέννεντυ ἔφθασεν εἰς Βρυξέλλας διὰ τὰς διαπραγματεύσεις μεταξὺ τῆς Εὐρωπαϊκῆς Οἰκονομικῆς Κοινότητος καὶ τῶν Ἡνωμένων Πολιτειῶν ἐπὶ τῶν δασμῶν.

ΒΡΥΞΕΛΛΑΙ, 18 (Ἡνωμ. Τύπος).— Ὁ εἰδικὸς ἀπεσταλμένος τοῦ προέδρου Κέννεντυ ἔφθασεν εἰς Βρυξέλλας διὰ τὰς διαπραγματεύσεις μεταξὺ τῆς Εὐρωπαϊκῆς Οἰκονομικῆς Κοινότητος καὶ τῶν Ἡνωμένων Πολιτειῶν ἐπὶ τῶν δασμῶν.

ΤΟ ΣΕΝΤΟ ΑΠΕΡΡΙΨΕ ΤΗΝ ΕΠΕΜΒΑΣΙΝ ΕΙΣ ΒΟΡΕΙΟΝ ΙΡΑΚ ΡΟΣΙΚΑΣ ΚΑΤΗΓΟΡΙΑΣ

ΑΓΚΥΡΑ, 18 (Ἀσσ. Πρές).— Ἐκπρόσωπος τοῦ ΣΕΝΤΟ ἀπέρριψε ὡς ἀβασίμους τὰς σοβιετικὰς κατηγορίας περὶ ἐπεμβάσεως τοῦ Συμφώνου εἰς τὸ Βόρειον Ἰράκ. —Δὰ προκαλοῦν ἐντύπωσιν.

ΑΓΚΥΡΑ, 18 (Ἀσσ. Πρές).— Ἐκπρόσωπος τοῦ ΣΕΝΤΟ ἀπέρριψε ὡς ἀβασίμους τὰς σοβιετικὰς κατηγορίας περὶ ἐπεμβάσεως τοῦ Συμφώνου εἰς τὸ Βόρειον Ἰράκ. —Δὰ προκαλοῦν ἐντύπωσιν.

ΜΕΓΑΛΗ ΠΥΡΚΑΓΙΑ ΚΑΤΕΤΡΥΧΕ ΣΥΡΙΑΚΑ ΔΑΣΗ

ΧΑΛΕΠΙΟΝ, 18 (Ἀσσ. Πρές).— Μεγάλη πυρκαγιὰ ἐξερράγη εἰς τὰ δάση τῆς βορείου Συρίας καὶ κατέστρεψε μεγάλας ἐκτάσεις. Αἱ ἀρχαὶ ἐκινητοποίησαν στρατιωτικὰ τμήματα διὰ τὴν κατάσβεσιν.

ΧΑΛΕΠΙΟΝ, 18 (Ἀσσ. Πρές).— Μεγάλη πυρκαγιὰ ἐξερράγη εἰς τὰ δάση τῆς βορείου Συρίας καὶ κατέστρεψε μεγάλας ἐκτάσεις. Αἱ ἀρχαὶ ἐκινητοποίησαν στρατιωτικὰ τμήματα διὰ τὴν κατάσβεσιν.

ΟΙ ΑΓΓΛΟΙ ΚΑΤΑΠΙΕΖΟΥΝ ΤΟΝ ΛΑΟΝ ΤΟΥ ΟΜΑΝ ΙΣΧΥΡΙΖΕΤΑΙ Η ΚΙΝΑ

ΤΟΚΙΟ, 18 (Ἡνωμ. Τύπος).— Τὸ πρακτορεῖον τῆς Λαϊκῆς Κίνας κατηγορεῖ τοὺς Ἄγγλους ὅτι καταπιέζουν τὸν λαὸν τοῦ Ὀμάν καὶ ὅτι διεξάγουν ἐπιχειρήσεις κατὰ τῶν ἐπαναστατῶν τῆς περιοχῆς.

ΤΟΚΙΟ, 18 (Ἡνωμ. Τύπος).— Τὸ πρακτορεῖον τῆς Λαϊκῆς Κίνας κατηγορεῖ τοὺς Ἄγγλους ὅτι καταπιέζουν τὸν λαὸν τοῦ Ὀμάν καὶ ὅτι διεξάγουν ἐπιχειρήσεις κατὰ τῶν ἐπαναστατῶν τῆς περιοχῆς.

ΟΥΓΓΡΟΣΟΒΙΕΤΙΚΗ ΗΜΕΡΑ ΦΙΛΙΑΣ ΕΙΣ ΤΗΝ ΜΟΣΧΑΝ

ΜΟΣΧΑ, 18 (Ἀσσ. Πρές).— Ἑωρτάσθη εἰς τὴν Μόσχαν ἡ οὐγγροσοβιετικὴ ἡμέρα φιλίας μὲ ἐκδηλώσεις εἰς τὰ ἐργοστάσια καὶ τὰ πολιτιστικὰ κέντρα.

ΜΟΣΧΑ, 18 (Ἀσσ. Πρές).— Ἑωρτάσθη εἰς τὴν Μόσχαν ἡ οὐγγροσοβιετικὴ ἡμέρα φιλίας μὲ ἐκδηλώσεις εἰς τὰ ἐργοστάσια καὶ τὰ πολιτιστικὰ κέντρα.

ΟΙ ΠΟΙΟΙ ΤΟΥ ΙΡΑΚ ΜΕΤΕΓΚΑΤΑΣΤΑΘΗΣΑΝ ΕΙΣ ΤΟ ΕΞΩΤΕΡΙΚΟΝ

ΒΑΓΔΑΤΗ, 18 (Ἀσσ. Πρές).— Ὁ ὑπουργὸς τῶν Ἐξωτερικῶν τοῦ Ἰράκ ἀνεκοίνωσεν ὅτι οἱ ἐν τῷ ἐξωτερικῷ Ἰρακινοὶ θὰ ἐπανέλθουν εἰς τὴν χώραν ἐντὸς τῶν προσεχῶν ἑβδομάδων.

ΒΑΓΔΑΤΗ, 18 (Ἀσσ. Πρές).— Ὁ ὑπουργὸς τῶν Ἐξωτερικῶν τοῦ Ἰράκ ἀνεκοίνωσεν ὅτι οἱ ἐν τῷ ἐξωτερικῷ Ἰρακινοὶ θὰ ἐπανέλθουν εἰς τὴν χώραν ἐντὸς τῶν προσεχῶν ἑβδομάδων.

ΤΕΣΣΑΡΕΣ ΝΕΚΡΟΙ ΕΞ ΑΕΡΟΠΟΡΙΚΟΥ ΔΥΣΤΥΧΗΜΑΤΟΣ

ΒΡΥΞΕΛΛΑΙ, 18 (Ἀσσ. Πρές).— Τέσσαρα πρόσωπα ἐφονεύθησαν ὅταν μικρὸν ἀεροσκάφος κατέπεσε κατὰ τὴν προσγείωσιν εἰς τὸ ἀεροδρόμιον τῶν Βρυξελλῶν.

ΒΡΥΞΕΛΛΑΙ, 18 (Ἀσσ. Πρές).— Τέσσαρα πρόσωπα ἐφονεύθησαν ὅταν μικρὸν ἀεροσκάφος κατέπεσε κατὰ τὴν προσγείωσιν εἰς τὸ ἀεροδρόμιον τῶν Βρυξελλῶν.

ΟΡΚΙΣΘΗ Η ΚΥΒΕΡΝΗΣΙΣ ΤΗΣ ΖΑΝΖΙΒΑΡΗΣ

ΖΑΝΖΙΒΑΡΗ, 18 (Ἡνωμ. Τύπος).— Ὡρκίσθη ἐνώπιον τοῦ Σουλτάνου ἡ νέα Κυβέρνησις τῆς Ζανζιβάρης, μετὰ τὰς πρόσφατους ἐκλογάς.

ΕΦΟΡΤΟΣΘΗΣΑΝ ΤΑ ΟΠΛΑ ΔΙΑ ΤΗΝ ΤΑΓΚΑΝΙΚΑΝ

ΖΙΑΝΓΙΥ, 18 (Ἡνωμ. Τύπος).— Ὁ ὑπουργὸς τῆς Ἀμύνης ἀνεκοίνωσεν ὅτι τὰ ὅπλα διὰ τὴν Ταγκανίκαν ἐφορτώθησαν.

Ο κ. ΧΙΟΥΜ ΘΑ ΕΓΧΕΙΡΗΘΗ

ΛΟΝΔΙΝΟΝ, 18 (Ἡνωμ. Τύπος).— Ὁ ὑπουργὸς τῶν Ἐξωτερικῶν τῆς Βρετανίας λόρδος Χιοὺμ θὰ ὑποβληθῇ εἰς ἐγχείρησιν τὴν προσεχῆ ἑβδομάδα.

ΛΟΝΔΙΝΟΝ, 18 (Ἡνωμ. Τύπος).— Ὁ ὑπουργὸς τῶν Ἐξωτερικῶν τῆς Βρετανίας λόρδος Χιοὺμ θὰ ὑποβληθῇ εἰς ἐγχείρησιν τὴν προσεχῆ ἑβδομάδα.

ΛΥΣΣΩΔΗΣ ΜΑΧΗ ΣΥΝΗΦΘΗ ΕΙΣ ΚΟΙΛΑΔΑ ΤΩΝ ΑΜΦΟΡΕΩΝ ΜΕΤΑΞΥ ΔΥΝΑΜΕΩΣ ΤΟΥ ΠΑΘΕΤ ΛΑΟ ΚΑΙ ΟΥΔΕΤΕΡΟΦΙΛΩΝ ΑΜΕΡΙΚΑΝΙΚΟΝ ΑΕΡΟΣΚΑΦΟΣ ΣΥΝΕΤΡΙΒΗ ΕΙΣ Β. ΛΑΟΣ

ΒΙΕΝΤΙΑΝΗ, 18 (Ρώϋτερ).— Λυσσώδης μάχη συνήφθη εἰς τὴν Κοιλάδα τῶν Ἀμφορέων μεταξὺ τῶν δυνάμεων τοῦ Πάθετ Λάο καὶ τῶν οὐδετεροφίλων δυνάμεων τοῦ στρατηγοῦ Κὸνγκ Λέ. Κατὰ τὰς πληροφορίας, οἱ κομμουνισταὶ ἐπετέθησαν μὲ ὅλμους καὶ πυροβόλα κατὰ τῶν θέσεων τῶν οὐδετεροφίλων. Ὁ ἀριθμὸς τῶν ἀπωλειῶν δὲν εἶναι γνωστός.

ΒΙΕΝΤΙΑΝΗ, 18 (Ρώϋτερ).— Λυσσώδης μάχη συνήφθη εἰς τὴν Κοιλάδα τῶν Ἀμφορέων μεταξὺ τῶν δυνάμεων τοῦ Πάθετ Λάο καὶ τῶν οὐδετεροφίλων δυνάμεων τοῦ στρατηγοῦ Κὸνγκ Λέ. Κατὰ τὰς πληροφορίας, οἱ κομμουνισταὶ ἐπετέθησαν μὲ ὅλμους καὶ πυροβόλα κατὰ τῶν θέσεων τῶν οὐδετεροφίλων. Ὁ ἀριθμὸς τῶν ἀπωλειῶν δὲν εἶναι γνωστός.

ΒΙΕΝΤΙΑΝΗ, 18 (Ρώϋτερ).— Λυσσώδης μάχη συνήφθη εἰς τὴν Κοιλάδα τῶν Ἀμφορέων μεταξὺ τῶν δυνάμεων τοῦ Πάθετ Λάο καὶ τῶν οὐδετεροφίλων δυνάμεων τοῦ στρατηγοῦ Κὸνγκ Λέ. Κατὰ τὰς πληροφορίας, οἱ κομμουνισταὶ ἐπετέθησαν μὲ ὅλμους καὶ πυροβόλα κατὰ τῶν θέσεων τῶν οὐδετεροφίλων. Ὁ ἀριθμὸς τῶν ἀπωλειῶν δὲν εἶναι γνωστός.

ΣΥΝΕΤΡΙΒΗ ΑΕΡΟΣΚΑΦΟΣ

ΒΙΕΝΤΙΑΝΗ, 18 (Ἀσσ. Πρές).— Ἀμερικανικὸν ἀεροσκάφος μεταφορῶν συνετρίβη εἰς τὸ Βόρειον Λάος. Τὸ ἀεροσκάφος μετέφερε τρόφιμα διὰ τοὺς πρόσφυγας τῆς περιοχῆς.

ΒΙΕΝΤΙΑΝΗ, 18 (Ἀσσ. Πρές).— Ἀμερικανικὸν ἀεροσκάφος μεταφορῶν συνετρίβη εἰς τὸ Βόρειον Λάος. Τὸ ἀεροσκάφος μετέφερε τρόφιμα διὰ τοὺς πρόσφυγας τῆς περιοχῆς.

ΤΡΕΙΣ ΑΜΕΡΙΚΑΝΟΙ ΝΕΚΡΟΙ

ΣΑΙΓΚΟΝ, 18 (Ρώϋτερ).— Τρεῖς ἀμερικανοὶ στρατιωτικοὶ σύμβουλοι ἐφονεύθησαν κατὰ τὴν διάρκειαν ἐπιχειρήσεων κατὰ τῶν ἀνταρτῶν Βιετκόνγκ εἰς τὴν περιοχὴν τοῦ Δέλτα τοῦ Μεκόγκ.

Η Μ. ΒΡΕΤΑΝΙΑ ΠΑΡΑΚΟΛΟΥΘΕΙ ΜΕΤ' ΕΝΔΙΑΦΕΡΟΝΤΟΣ ΤΑΣ ΕΞ ΙΝΔΟΝΗΣΙΑΣ ΠΡΟΕΡΧΟΜΕΝΑΣ ΠΛΗΡΟΦΟΡΙΑΣ ΠΕΡΙ ΤΗΣ ΔΗΜΙΟΥΡΓΙΑΣ ΣΤΟΛΟΥ «ΕΤΟΙΜΟΤΗΤΟΣ»

ΣΙΓΚΑΠΟΥΡΗ, 18 (Ρώϋτερ).— Ἐκπρόσωπος τοῦ βρετανικοῦ ναυτικοῦ ἐδήλωσεν ὅτι ἡ Μεγάλη Βρετανία παρακολουθεῖ μετ' ἐνδιαφέροντος τὰς πληροφορίας περὶ δημιουργίας στόλου «ἑτοιμότητος» ἀπὸ τὴν Ἰνδονησίαν. Ὁ στόλος οὗτος θὰ χρησιμοποιηθῇ κατὰ τῆς Ὁμοσπονδίας τῆς Μαλαισίας.

ΣΙΓΚΑΠΟΥΡΗ, 18 (Ρώϋτερ).— Ἐκπρόσωπος τοῦ βρετανικοῦ ναυτικοῦ ἐδήλωσεν ὅτι ἡ Μεγάλη Βρετανία παρακολουθεῖ μετ' ἐνδιαφέροντος τὰς πληροφορίας περὶ δημιουργίας στόλου «ἑτοιμότητος» ἀπὸ τὴν Ἰνδονησίαν. Ὁ στόλος οὗτος θὰ χρησιμοποιηθῇ κατὰ τῆς Ὁμοσπονδίας τῆς Μαλαισίας.

ΣΙΓΚΑΠΟΥΡΗ, 18 (Ρώϋτερ).— Ἐκπρόσωπος τοῦ βρετανικοῦ ναυτικοῦ ἐδήλωσεν ὅτι ἡ Μεγάλη Βρετανία παρακολουθεῖ μετ' ἐνδιαφέροντος τὰς πληροφορίας περὶ δημιουργίας στόλου «ἑτοιμότητος» ἀπὸ τὴν Ἰνδονησίαν. Ὁ στόλος οὗτος θὰ χρησιμοποιηθῇ κατὰ τῆς Ὁμοσπονδίας τῆς Μαλαισίας.

ΝΕΑΣ ΚΑΤΗΓΟΡΙΑΣ

ΤΖΑΚΑΡΤΑ, 18 (Ἡνωμ. Τύπος).— Ἡ ἰνδονησιακὴ Κυβέρνησις διετύπωσε νέας κατηγορίας κατὰ τῆς Μαλαισίας.

Η ΓΑΛΛΙΚΗ ΒΟΥΛΗ ΕΝΕΚΡΙΝΕ ΤΟ ΝΟΜΟΣΧΕΔΙΟΝ ΤΟ ΡΥΘΜΙΖΟΝ ΤΑ ΠΕΡΙ ΤΩΝ ΑΠΕΡΓΙΩΝ ΤΩΝ ΕΡΓΑΤΩΝ ΟΡΓΑΝΙΣΜΩΝ ΚΟΙΝΗΣ ΩΦΕΛΕΙΑΣ
ΠΑΡΙΣΙΟΙ, 18 (Ἀσσ. Πρές).— Ἡ Ἐθνοσυνέλευσις διὰ ψήφων 257 ἔναντι 205 ἐνέκρινε τὸ νομοσχέδιον τὸ ὁποῖον ρυθμίζει τὰ περὶ τῶν ἀπεργιῶν τῶν ἐργατῶν τῶν ὀργανισμῶν κοινῆς ὠφελείας. Κατὰ τὸ νομοσχέδιον, αἱ ἀπεργίαι πρέπει νὰ ἀναγγέλλωνται πέντε ἡμέρας πρὸ τῆς ἐνάρξεως των. ΠΑΡΙΣΙΟΙ, 18 (Ἀσσ. Πρές).— Ἡ Ἐθνοσυνέλευσις διὰ ψήφων 257 ἔναντι 205 ἐνέκρινε τὸ νομοσχέδιον τὸ ὁποῖον ρυθμίζει τὰ περὶ τῶν ἀπεργιῶν τῶν ἐργατῶν τῶν ὀργανισμῶν κοινῆς ὠφελείας. Κατὰ τὸ νομοσχέδιον, αἱ ἀπεργίαι πρέπει νὰ ἀναγγέλλωνται πέντε ἡμέρας πρὸ τῆς ἐνάρξεως των. ΠΑΡΙΣΙΟΙ, 18 (Ἀσσ. Πρές).— Ἡ Ἐθνοσυνέλευσις διὰ ψήφων 257 ἔναντι 205 ἐνέκρινε τὸ νομοσχέδιον τὸ ὁποῖον ρυθμίζει τὰ περὶ τῶν ἀπεργιῶν τῶν ἐργατῶν τῶν ὀργανισμῶν κοινῆς ὠφελείας. Κατὰ τὸ νομοσχέδιον, αἱ ἀπεργίαι πρέπει νὰ ἀναγγέλλωνται πέντε ἡμέρας πρὸ τῆς ἐνάρξεως των.
ΤΑ ΕΛΛΕΙΜΜΑΤΑ ΤΩΝ ΣΥΝΑΛΛΑΓΜΑΤΙΚΩΝ ΑΠΟΘΕΜΑΤΩΝ ΚΑΙ ΤΟΥ ΚΡΑΤΙΚΟΥ ΠΡΟΫΠΟΛΟΓΙΣΜΟΥ ΤΩΝ Η. ΠΟΛΙΤΕΙΩΝ ΕΙΝΑΙ ΚΑΤΩΤΕΡΑ ΕΚΕΙΝΩΝ ΤΟΥ ΠΑΡΕΛΘΟΝΤΟΣ ΕΤΟΥΣ
ΟΥΑΣΙΓΚΤΩΝ, 18 (Ἀσσ. Πρές).— Ὁ πρόεδρος Κέννεντυ ἀνεκοίνωσεν ὅτι τὸ ἔλλειμμα τοῦ ἰσοζυγίου πληρωμῶν καὶ τοῦ κρατικοῦ προϋπολογισμοῦ διὰ τὸ τρέχον ἔτος εἶναι κατώτερον ἐκείνου τοῦ προηγουμένου ἔτους. Ἐτόνισεν ὅτι ἡ οἰκονομία τῆς χώρας ἀναπτύσσεται μὲ ἱκανοποιητικὸν ρυθμόν. ΟΥΑΣΙΓΚΤΩΝ, 18 (Ἀσσ. Πρές).— Ὁ πρόεδρος Κέννεντυ ἀνεκοίνωσεν ὅτι τὸ ἔλλειμμα τοῦ ἰσοζυγίου πληρωμῶν καὶ τοῦ κρατικοῦ προϋπολογισμοῦ διὰ τὸ τρέχον ἔτος εἶναι κατώτερον ἐκείνου τοῦ προηγουμένου ἔτους. Ἐτόνισεν ὅτι ἡ οἰκονομία τῆς χώρας ἀναπτύσσεται μὲ ἱκανοποιητικὸν ρυθμόν. ΟΥΑΣΙΓΚΤΩΝ, 18 (Ἀσσ. Πρές).— Ὁ πρόεδρος Κέννεντυ ἀνεκοίνωσεν ὅτι τὸ ἔλλειμμα τοῦ ἰσοζυγίου πληρωμῶν καὶ τοῦ κρατικοῦ προϋπολογισμοῦ διὰ τὸ τρέχον ἔτος εἶναι κατώτερον ἐκείνου τοῦ προηγουμένου ἔτους. Ἐτόνισεν ὅτι ἡ οἰκονομία τῆς χώρας ἀναπτύσσεται μὲ ἱκανοποιητικὸν ρυθμόν.
ΕΛΗΞΕΝ Η ΔΙΑΣΚΕΨΙΣ ΤΗΣ ΕΥΡΩΠΑΪΚΗΣ ΕΠΙΤΡΟΠΗΣ ΔΙΑ ΤΗΝ ΧΡΗΣΙΜΟΠΟΙΗΣΙΝ ΤΕΧΝΗΤΩΝ ΔΟΡΥΦΟΡΩΝ ΕΙΣ ΤΟ ΣΥΣΤΗΜΑ ΤΩΝ ΠΑΓΚΟΣΜΙΩΝ ΤΗΛΕΠΙΚΟΙΝΩΝΙΩΝ
ΛΟΝΔΙΝΟΝ, 18 (Ρώϋτερ).— Ἔληξεν ἡ διάσκεψις τῆς Εὐρωπαϊκῆς Ἐπιτροπῆς διὰ τὴν χρησιμοποίησιν τεχνητῶν δορυφόρων εἰς τὸ σύστημα τῶν παγκοσμίων τηλεπικοινωνιῶν. Εἰς τὴν διάσκεψιν μετέσχον ἀντιπρόσωποι τῆς Αὐστρίας, Βελγίου, Δανίας, Γαλλίας, Γερμανίας, Ἰρλανδίας, Ἰταλίας, Λουξεμβούργου, Ὀλλανδίας, Νορβηγίας, Ἱσπανίας, Σουηδίας καὶ Ἑλβετίας. ΛΟΝΔΙΝΟΝ, 18 (Ρώϋτερ).— Ἔληξεν ἡ διάσκεψις τῆς Εὐρωπαϊκῆς Ἐπιτροπῆς διὰ τὴν χρησιμοποίησιν τεχνητῶν δορυφόρων εἰς τὸ σύστημα τῶν παγκοσμίων τηλεπικοινωνιῶν. Εἰς τὴν διάσκεψιν μετέσχον ἀντιπρόσωποι τῆς Αὐστρίας, Βελγίου, Δανίας, Γαλλίας, Γερμανίας, Ἰρλανδίας, Ἰταλίας, Λουξεμβούργου, Ὀλλανδίας, Νορβηγίας, Ἱσπανίας, Σουηδίας καὶ Ἑλβετίας. ΛΟΝΔΙΝΟΝ, 18 (Ρώϋτερ).— Ἔληξεν ἡ διάσκεψις τῆς Εὐρωπαϊκῆς Ἐπιτροπῆς διὰ τὴν χρησιμοποίησιν τεχνητῶν δορυφόρων εἰς τὸ σύστημα τῶν παγκοσμίων τηλεπικοινωνιῶν. Εἰς τὴν διάσκεψιν μετέσχον ἀντιπρόσωποι τῆς Αὐστρίας, Βελγίου, Δανίας, Γαλλίας, Γερμανίας, Ἰρλανδίας, Ἰταλίας, Λουξεμβούργου, Ὀλλανδίας, Νορβηγίας, Ἱσπανίας, Σουηδίας καὶ Ἑλβετίας.
ΕΙΣ ΠΟΣΟΝ 450.000.000 ΔΟΛΛΑΡ. ΘΑ ΑΝΕΛΘΗ Η ΠΑΣΗΣ ΜΟΡΦΗΣ ΒΟΗΘΕΙΑ ΤΗΣ ΤΟΥΡΚΙΑΣ ΕΝΩ Η ΕΛΛΑΣ ΛΑΜΒΑΝΕΙ ΜΟΝΟΝ ΥΠΟΣΧΕΣΕΙΣ
ΑΘΗΝΑΙ, 18.— Εἰς τὸ δελτίον τοῦ Ὀργανισμοῦ Οἰκονομικῆς Συνεργασίας καὶ Ἀναπτύξεως δημοσιεύονται τὰ ποσὰ τῆς βοηθείας πρὸς τὴν Τουρκίαν. Αἱ χῶραι-μέλη τῆς κοινοπραξίας θὰ διαθέσουν: Ἡνωμέναι Πολιτεῖαι 100.000.000, Γερμανία 75.000.000, Ἀγγλία 10.000.000, Γαλλία 27.000.000, Ἰταλία 12.000.000, Καναδᾶς 7.500.000, Σουηδία 5.000.000, Ὀλλανδία 4.000.000, Βέλγιον 5.000.000 δολλάρια. Ὁ ἀριθμὸς τῆς συνολικῆς βοηθείας ἀνέρχεται εἰς 450.000.000 δολλάρια, ἐνῷ ἡ Ἑλλὰς λαμβάνει μόνον ὑποσχέσεις. ΑΘΗΝΑΙ, 18.— Εἰς τὸ δελτίον τοῦ Ὀργανισμοῦ Οἰκονομικῆς Συνεργασίας καὶ Ἀναπτύξεως δημοσιεύονται τὰ ποσὰ τῆς βοηθείας πρὸς τὴν Τουρκίαν. Αἱ χῶραι-μέλη τῆς κοινοπραξίας θὰ διαθέσουν: Ἡνωμέναι Πολιτεῖαι 100.000.000, Γερμανία 75.000.000, Ἀγγλία 10.000.000, Γαλλία 27.000.000, Ἰταλία 12.000.000, Καναδᾶς 7.500.000, Σουηδία 5.000.000, Ὀλλανδία 4.000.000, Βέλγιον 5.000.000 δολλάρια. Ὁ ἀριθμὸς τῆς συνολικῆς βοηθείας ἀνέρχεται εἰς 450.000.000 δολλάρια, ἐνῷ ἡ Ἑλλὰς λαμβάνει μόνον ὑποσχέσεις. ΑΘΗΝΑΙ, 18.— Εἰς τὸ δελτίον τοῦ Ὀργανισμοῦ Οἰκονομικῆς Συνεργασίας καὶ Ἀναπτύξεως δημοσιεύονται τὰ ποσὰ τῆς βοηθείας πρὸς τὴν Τουρκίαν. Αἱ χῶραι-μέλη τῆς κοινοπραξίας θὰ διαθέσουν: Ἡνωμέναι Πολιτεῖαι 100.000.000, Γερμανία 75.000.000, Ἀγγλία 10.000.000, Γαλλία 27.000.000, Ἰταλία 12.000.000, Καναδᾶς 7.500.000, Σουηδία 5.000.000, Ὀλλανδία 4.000.000, Βέλγιον 5.000.000 δολλάρια. Ὁ ἀριθμὸς τῆς συνολικῆς βοηθείας ἀνέρχεται εἰς 450.000.000 δολλάρια, ἐνῷ ἡ Ἑλλὰς λαμβάνει μόνον ὑποσχέσεις.
Η ΣΚΩΤΛΑΝΤ ΓΥΑΡΝΤ ΥΠΟ ΤΑ ΙΧΝΗ ΤΩΝ ΚΛΕΠΤΩΝ ΟΙ ΟΠΟΙΟΙ ΑΦΗΡΕΣΑΝ ΑΠΟ ΤΡΑΠΕΖΑΝ ΡΑΒΔΟΥΣ ΧΡΥΣΟΥ ΑΞΙΑΣ 200.000 ΣΤΕΡΛΙΝΩΝ
ΛΟΝΔΙΝΟΝ, 18 (Ἀσσ. Πρές).— Ἡ Σκῶτλαντ Γυάρντ εὑρίσκεται ἐπὶ τὰ ἴχνη τῶν κλεπτῶν οἱ ὁποῖοι ἀφήρεσαν ἀπὸ τράπεζαν τοῦ Λονδίνου ράβδους χρυσοῦ ἀξίας 200.000 στερλινῶν. Οἱ κλέπται εἰσῆλθον εἰς τὴν τράπεζαν διὰ διατρήσεως τοῦ τοίχου καὶ ἀπεχώρησαν χωρὶς νὰ γίνουν ἀντιληπτοί. ΛΟΝΔΙΝΟΝ, 18 (Ἀσσ. Πρές).— Ἡ Σκῶτλαντ Γυάρντ εὑρίσκεται ἐπὶ τὰ ἴχνη τῶν κλεπτῶν οἱ ὁποῖοι ἀφήρεσαν ἀπὸ τράπεζαν τοῦ Λονδίνου ράβδους χρυσοῦ ἀξίας 200.000 στερλινῶν. Οἱ κλέπται εἰσῆλθον εἰς τὴν τράπεζαν διὰ διατρήσεως τοῦ τοίχου καὶ ἀπεχώρησαν χωρὶς νὰ γίνουν ἀντιληπτοί. ΛΟΝΔΙΝΟΝ, 18 (Ἀσσ. Πρές).— Ἡ Σκῶτλαντ Γυάρντ εὑρίσκεται ἐπὶ τὰ ἴχνη τῶν κλεπτῶν οἱ ὁποῖοι ἀφήρεσαν ἀπὸ τράπεζαν τοῦ Λονδίνου ράβδους χρυσοῦ ἀξίας 200.000 στερλινῶν. Οἱ κλέπται εἰσῆλθον εἰς τὴν τράπεζαν διὰ διατρήσεως τοῦ τοίχου καὶ ἀπεχώρησαν χωρὶς νὰ γίνουν ἀντιληπτοί.
